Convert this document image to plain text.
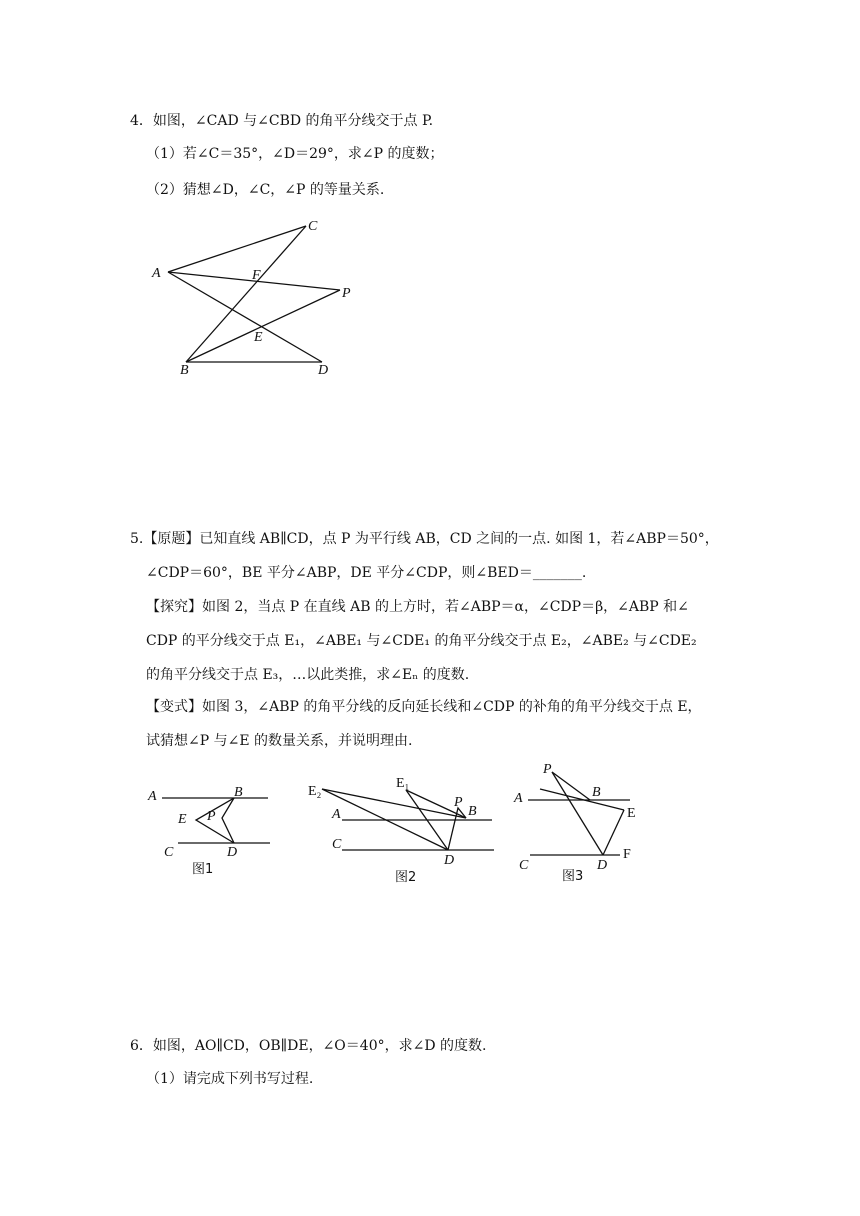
4．如图，∠CAD 与∠CBD 的角平分线交于点 P.
（1）若∠C＝35°，∠D＝29°，求∠P 的度数；
（2）猜想∠D，∠C，∠P 的等量关系.
A
C
F
P
E
B	D
5.【原题】已知直线 AB∥CD，点 P 为平行线 AB，CD 之间的一点. 如图 1，若∠ABP＝50°，
∠CDP＝60°，BE 平分∠ABP，DE 平分∠CDP，则∠BED＝_______.
【探究】如图 2，当点 P 在直线 AB 的上方时，若∠ABP＝α，∠CDP＝β，∠ABP 和∠
CDP 的平分线交于点 E₁，∠ABE₁ 与∠CDE₁ 的角平分线交于点 E₂，∠ABE₂ 与∠CDE₂
的角平分线交于点 E₃，…以此类推，求∠Eₙ 的度数.
【变式】如图 3，∠ABP 的角平分线的反向延长线和∠CDP 的补角的角平分线交于点 E，
试猜想∠P 与∠E 的数量关系，并说明理由.
A	B
E P
C	D
图1
E₂
E₁
P
B
A
C
D
图2
P
B
A
E
C	D
F
图3
6．如图，AO∥CD，OB∥DE，∠O＝40°，求∠D 的度数.
（1）请完成下列书写过程.
